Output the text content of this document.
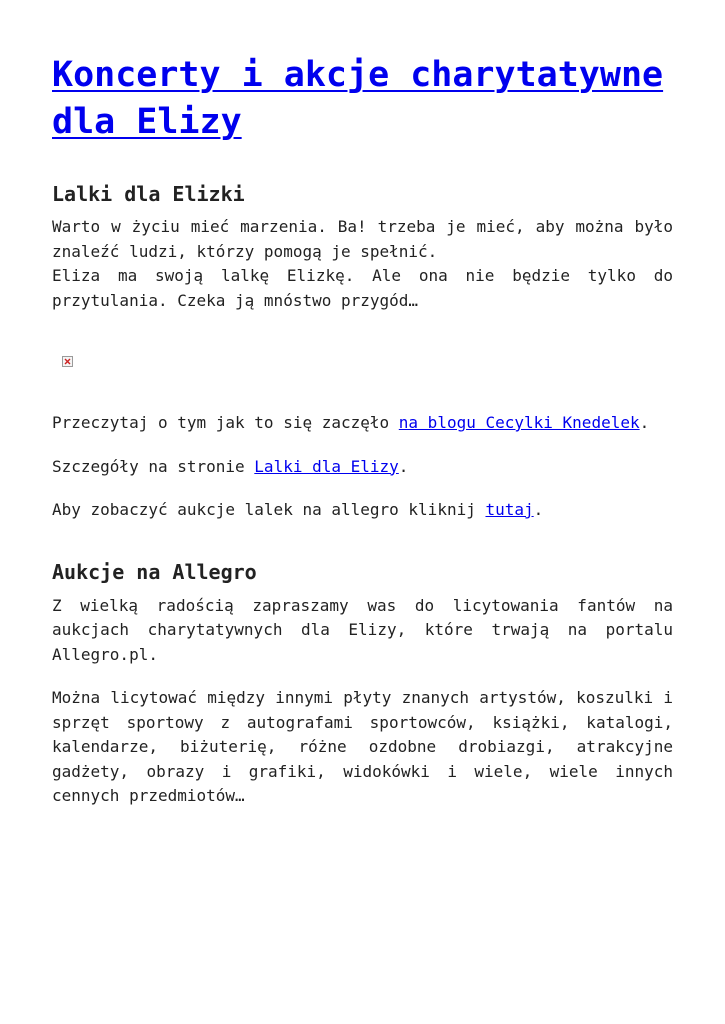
Koncerty i akcje charytatywne dla Elizy
Lalki dla Elizki

Warto w życiu mieć marzenia. Ba! trzeba je mieć, aby można było znaleźć ludzi, którzy pomogą je spełnić.
Eliza ma swoją lalkę Elizkę. Ale ona nie będzie tylko do przytulania. Czeka ją mnóstwo przygód…

Przeczytaj o tym jak to się zaczęło na blogu Cecylki Knedelek.

Szczegóły na stronie Lalki dla Elizy.

Aby zobaczyć aukcje lalek na allegro kliknij tutaj.

Aukcje na Allegro

Z wielką radością zapraszamy was do licytowania fantów na aukcjach charytatywnych dla Elizy, które trwają na portalu Allegro.pl.

Można licytować między innymi płyty znanych artystów, koszulki i sprzęt sportowy z autografami sportowców, książki, katalogi, kalendarze, biżuterię, różne ozdobne drobiazgi, atrakcyjne gadżety, obrazy i grafiki, widokówki i wiele, wiele innych cennych przedmiotów…
